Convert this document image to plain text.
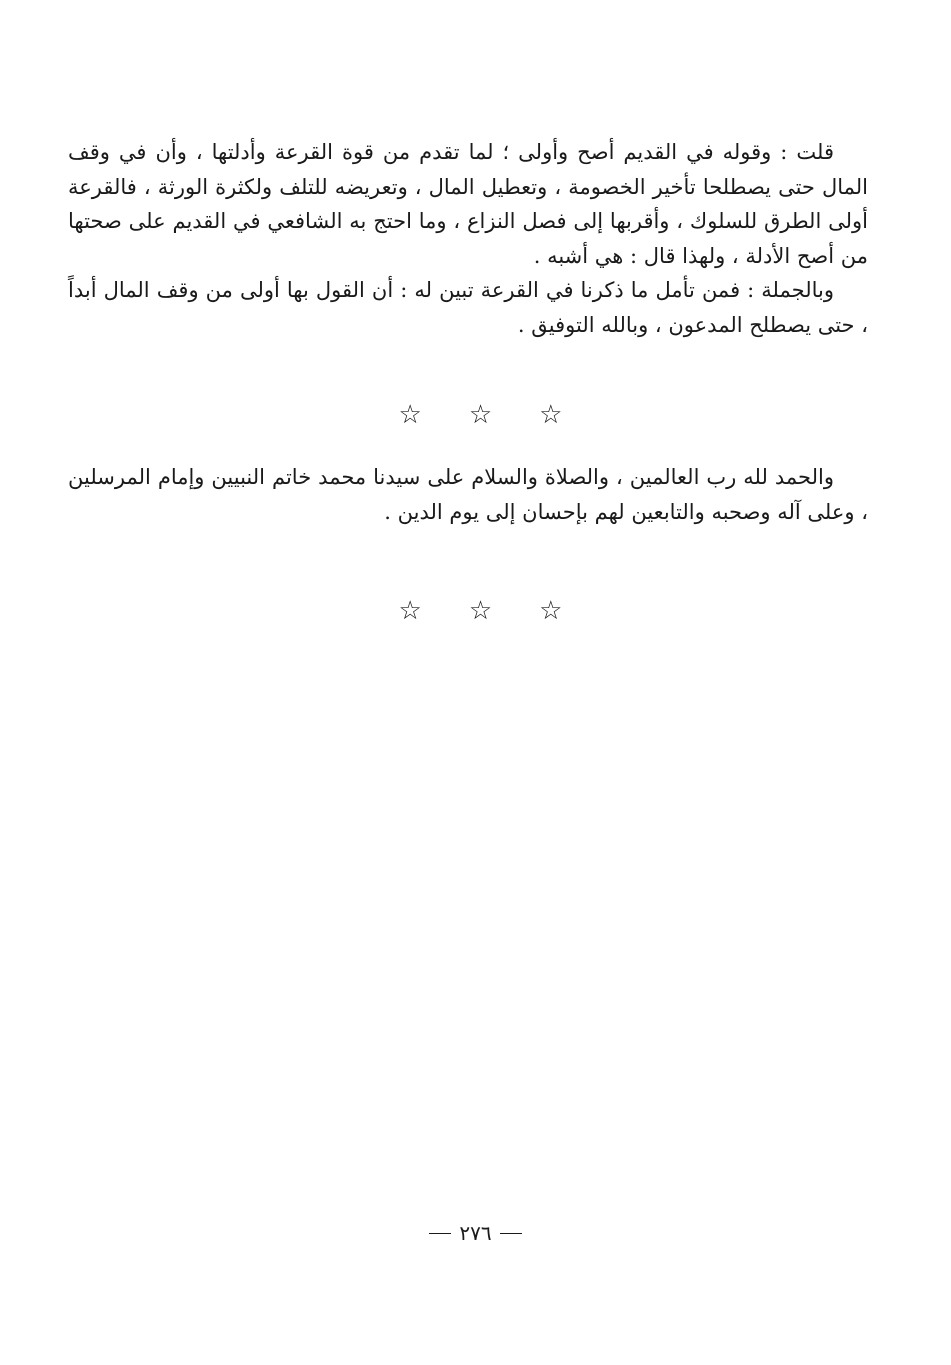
قلت : وقوله في القديم أصح وأولى ؛ لما تقدم من قوة القرعة وأدلتها ، وأن في وقف المال حتى يصطلحا تأخير الخصومة ، وتعطيل المال ، وتعريضه للتلف ولكثرة الورثة ، فالقرعة أولى الطرق للسلوك ، وأقربها إلى فصل النزاع ، وما احتج به الشافعي في القديم على صحتها من أصح الأدلة ، ولهذا قال : هي أشبه .

وبالجملة : فمن تأمل ما ذكرنا في القرعة تبين له : أن القول بها أولى من وقف المال أبداً ، حتى يصطلح المدعون ، وبالله التوفيق .

☆
☆
☆

والحمد لله رب العالمين ، والصلاة والسلام على سيدنا محمد خاتم النبيين وإمام المرسلين ، وعلى آله وصحبه والتابعين لهم بإحسان إلى يوم الدين .

☆
☆
☆
٢٧٦
